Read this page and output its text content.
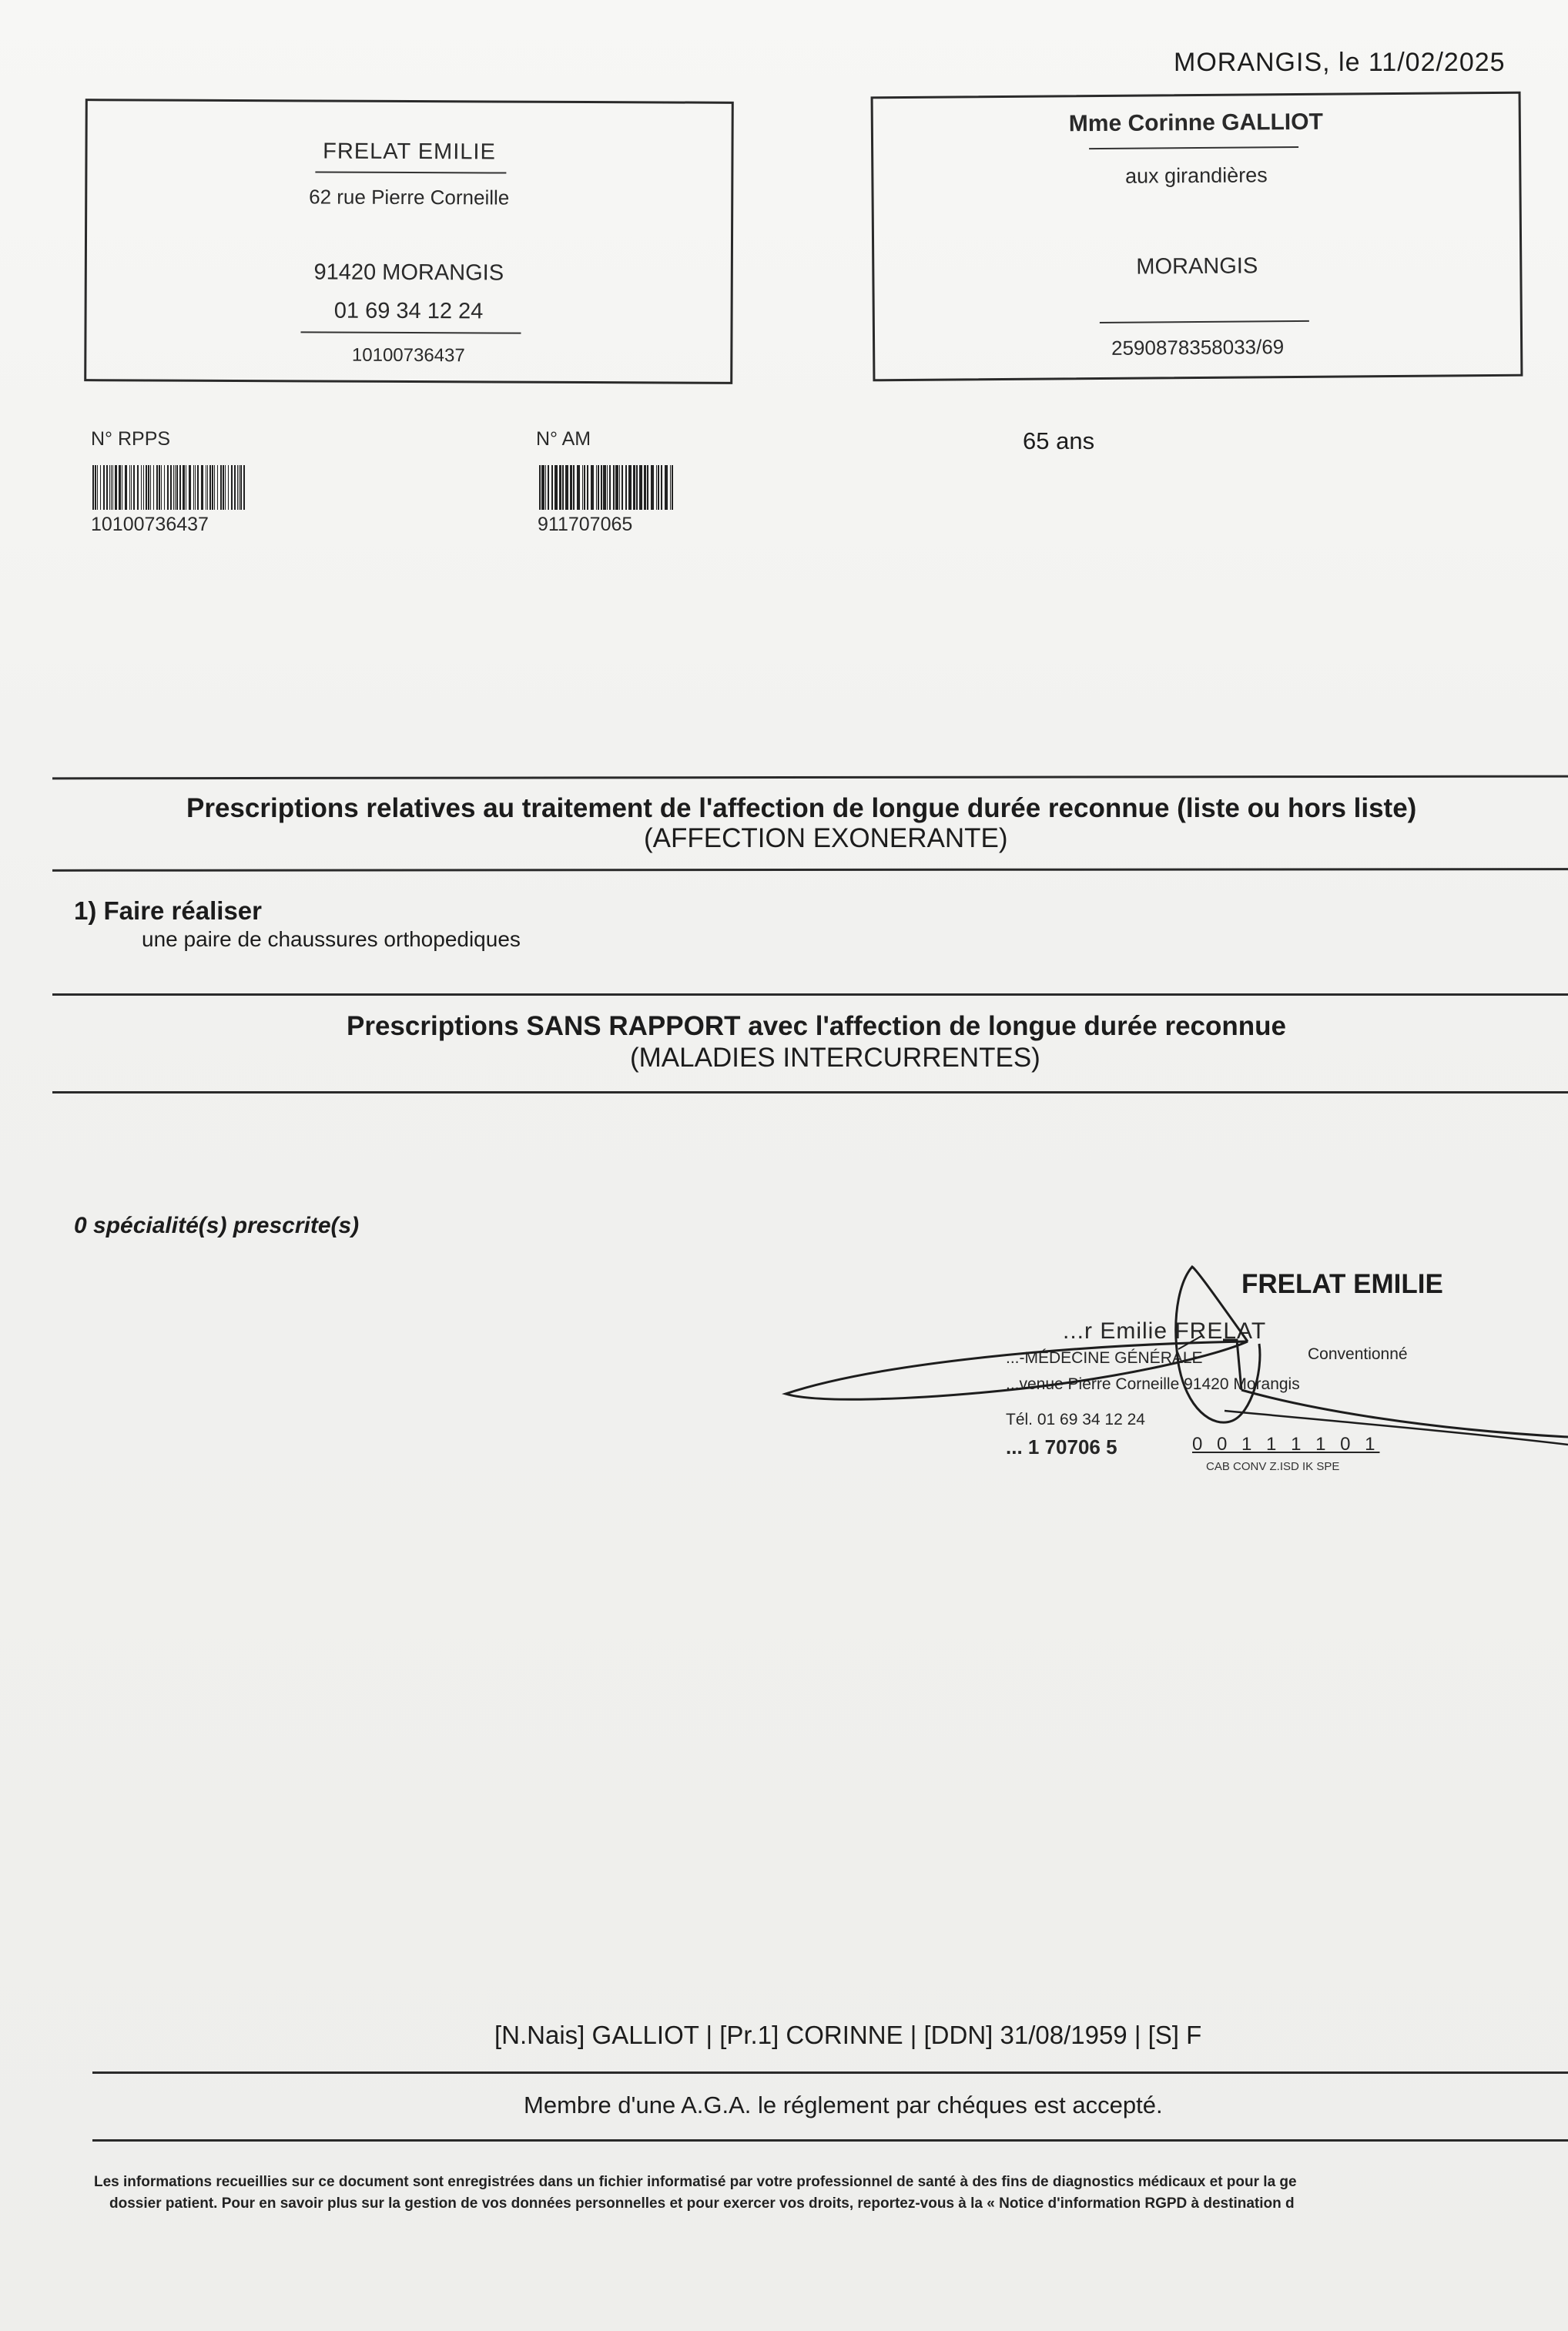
MORANGIS, le 11/02/2025
FRELAT EMILIE
62 rue Pierre Corneille
91420 MORANGIS
01 69 34 12 24
10100736437
Mme Corinne GALLIOT
aux girandières
MORANGIS
2590878358033/69
N° RPPS
10100736437
N° AM
911707065
65 ans
Prescriptions relatives au traitement de l'affection de longue durée reconnue (liste ou hors liste)
(AFFECTION EXONERANTE)
1) Faire réaliser
une paire de chaussures orthopediques
Prescriptions SANS RAPPORT avec l'affection de longue durée reconnue
(MALADIES INTERCURRENTES)
0 spécialité(s) prescrite(s)
FRELAT EMILIE
...r Emilie FRELAT
...-MÉDECINE GÉNÉRALE	Conventionné
...venue Pierre Corneille 91420 Morangis
Tél. 01 69 34 12 24
... 1 70706 5	0 0 1 1 1 1 0 1
CAB CONV Z.ISD IK SPE
[N.Nais] GALLIOT | [Pr.1] CORINNE | [DDN] 31/08/1959 | [S] F
Membre d'une A.G.A. le réglement par chéques est accepté.
Les informations recueillies sur ce document sont enregistrées dans un fichier informatisé par votre professionnel de santé à des fins de diagnostics médicaux et pour la ge
dossier patient. Pour en savoir plus sur la gestion de vos données personnelles et pour exercer vos droits, reportez-vous à la « Notice d'information RGPD à destination d
